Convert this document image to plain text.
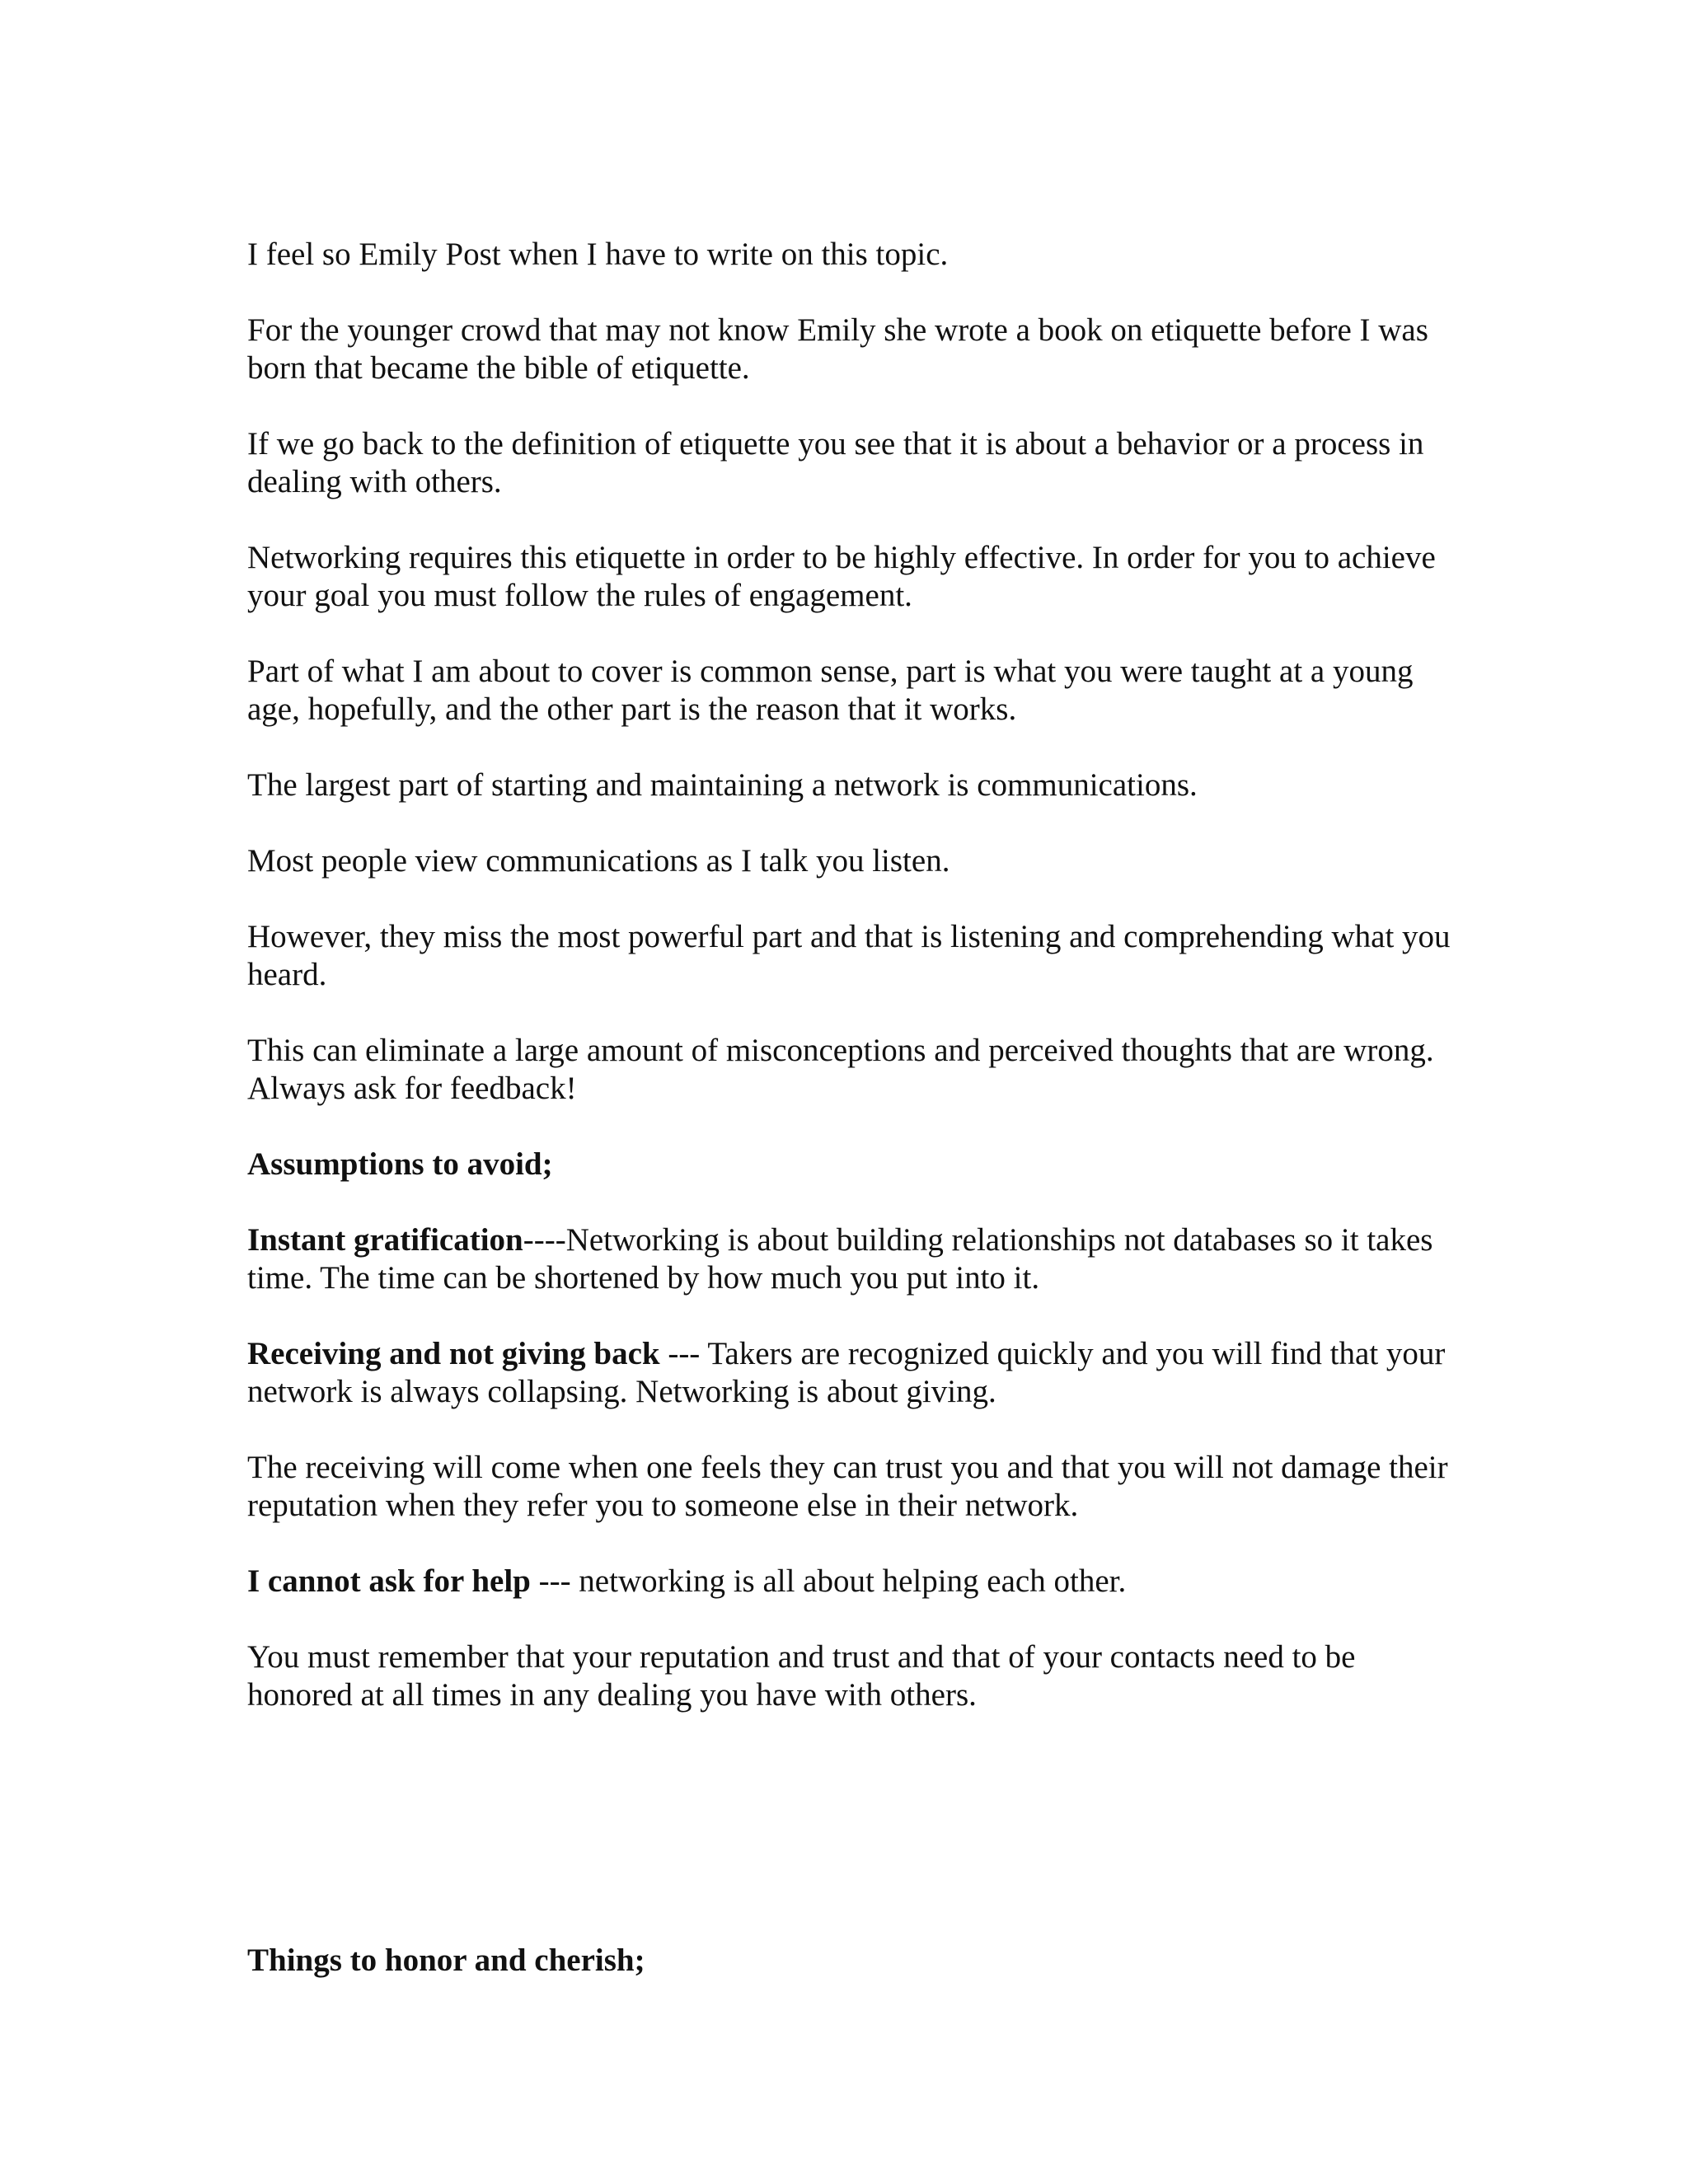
I feel so Emily Post when I have to write on this topic.

For the younger crowd that may not know Emily she wrote a book on etiquette before I was born that became the bible of etiquette.

If we go back to the definition of etiquette you see that it is about a behavior or a process in dealing with others.

Networking requires this etiquette in order to be highly effective. In order for you to achieve your goal you must follow the rules of engagement.

Part of what I am about to cover is common sense, part is what you were taught at a young age, hopefully, and the other part is the reason that it works.

The largest part of starting and maintaining a network is communications.

Most people view communications as I talk you listen.

However, they miss the most powerful part and that is listening and comprehending what you heard.

This can eliminate a large amount of misconceptions and perceived thoughts that are wrong. Always ask for feedback!

Assumptions to avoid;

Instant gratification----Networking is about building relationships not databases so it takes time. The time can be shortened by how much you put into it.

Receiving and not giving back --- Takers are recognized quickly and you will find that your network is always collapsing. Networking is about giving.

The receiving will come when one feels they can trust you and that you will not damage their reputation when they refer you to someone else in their network.

I cannot ask for help --- networking is all about helping each other.

You must remember that your reputation and trust and that of your contacts need to be honored at all times in any dealing you have with others.

Things to honor and cherish;
